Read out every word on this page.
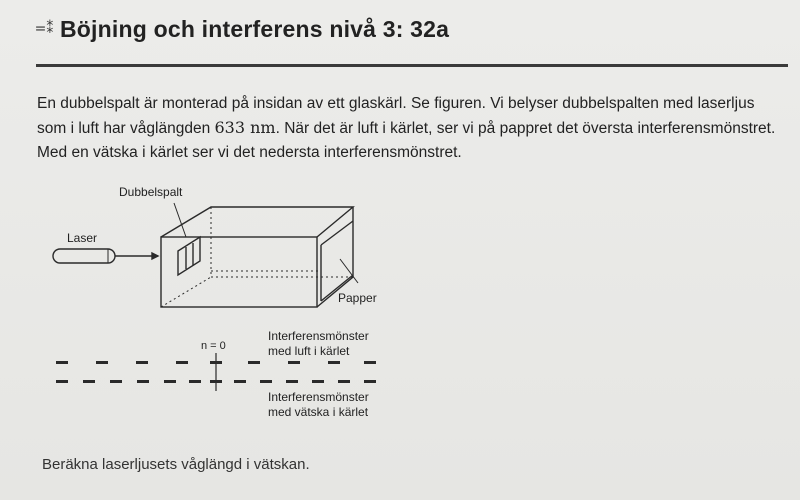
=⁑ Böjning och interferens nivå 3: 32a
En dubbelspalt är monterad på insidan av ett glaskärl. Se figuren. Vi belyser dubbelspalten med laserljus som i luft har våglängden 633 nm. När det är luft i kärlet, ser vi på pappret det översta interferensmönstret. Med en vätska i kärlet ser vi det nedersta interferensmönstret.
Dubbelspalt
Laser
Papper
n = 0
Interferensmönster
med luft i kärlet
Interferensmönster
med vätska i kärlet
Beräkna laserljusets våglängd i vätskan.
